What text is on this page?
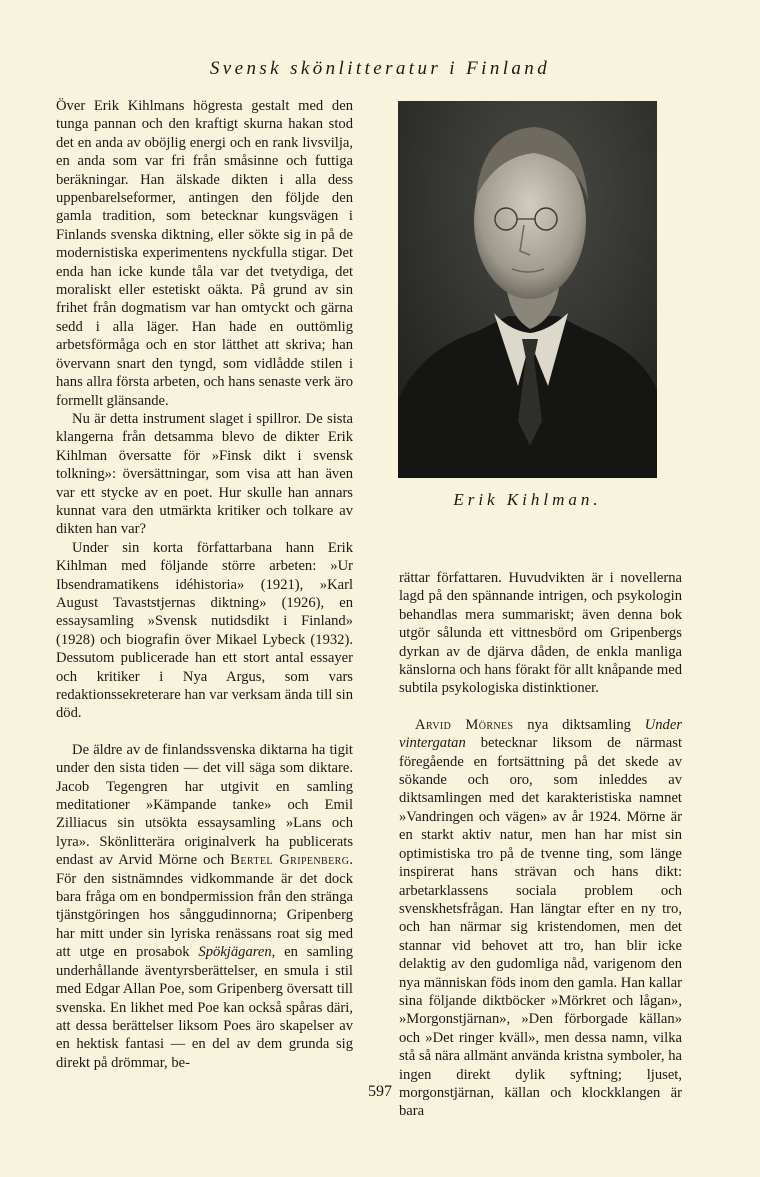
Svensk skönlitteratur i Finland

Över Erik Kihlmans högresta gestalt med den tunga pannan och den kraftigt skurna hakan stod det en anda av oböjlig energi och en rank livsvilja, en anda som var fri från småsinne och futtiga beräkningar. Han älskade dikten i alla dess uppenbarelseformer, antingen den följde den gamla tradition, som betecknar kungsvägen i Finlands svenska diktning, eller sökte sig in på de modernistiska experimentens nyckfulla stigar. Det enda han icke kunde tåla var det tvetydiga, det moraliskt eller estetiskt oäkta. På grund av sin frihet från dogmatism var han omtyckt och gärna sedd i alla läger. Han hade en outtömlig arbetsförmåga och en stor lätthet att skriva; han övervann snart den tyngd, som vidlådde stilen i hans allra första arbeten, och hans senaste verk äro formellt glänsande.

Nu är detta instrument slaget i spillror. De sista klangerna från detsamma blevo de dikter Erik Kihlman översatte för »Finsk dikt i svensk tolkning»: översättningar, som visa att han även var ett stycke av en poet. Hur skulle han annars kunnat vara den utmärkta kritiker och tolkare av dikten han var?

Under sin korta författarbana hann Erik Kihlman med följande större arbeten: »Ur Ibsendramatikens idéhistoria» (1921), »Karl August Tavaststjernas diktning» (1926), en essaysamling »Svensk nutidsdikt i Finland» (1928) och biografin över Mikael Lybeck (1932). Dessutom publicerade han ett stort antal essayer och kritiker i Nya Argus, som vars redaktionssekreterare han var verksam ända till sin död.

De äldre av de finlandssvenska diktarna ha tigit under den sista tiden — det vill säga som diktare. Jacob Tegengren har utgivit en samling meditationer »Kämpande tanke» och Emil Zilliacus sin utsökta essaysamling »Lans och lyra». Skönlitterära originalverk ha publicerats endast av Arvid Mörne och Bertel Gripenberg. För den sistnämndes vidkommande är det dock bara fråga om en bondpermission från den stränga tjänstgöringen hos sånggudinnorna; Gripenberg har mitt under sin lyriska renässans roat sig med att utge en prosabok Spökjägaren, en samling underhållande äventyrsberättelser, en smula i stil med Edgar Allan Poe, som Gripenberg översatt till svenska. En likhet med Poe kan också spåras däri, att dessa berättelser liksom Poes äro skapelser av en hektisk fantasi — en del av dem grunda sig direkt på drömmar, be-

Erik Kihlman.

rättar författaren. Huvudvikten är i novellerna lagd på den spännande intrigen, och psykologin behandlas mera summariskt; även denna bok utgör sålunda ett vittnesbörd om Gripenbergs dyrkan av de djärva dåden, de enkla manliga känslorna och hans förakt för allt knåpande med subtila psykologiska distinktioner.

Arvid Mörnes nya diktsamling Under vintergatan betecknar liksom de närmast föregående en fortsättning på det skede av sökande och oro, som inleddes av diktsamlingen med det karakteristiska namnet »Vandringen och vägen» av år 1924. Mörne är en starkt aktiv natur, men han har mist sin optimistiska tro på de tvenne ting, som länge inspirerat hans strävan och hans dikt: arbetarklassens sociala problem och svenskhetsfrågan. Han längtar efter en ny tro, och han närmar sig kristendomen, men det stannar vid behovet att tro, han blir icke delaktig av den gudomliga nåd, varigenom den nya människan föds inom den gamla. Han kallar sina följande diktböcker »Mörkret och lågan», »Morgonstjärnan», »Den förborgade källan» och »Det ringer kväll», men dessa namn, vilka stå så nära allmänt använda kristna symboler, ha ingen direkt dylik syftning; ljuset, morgonstjärnan, källan och klockklangen är bara

597
